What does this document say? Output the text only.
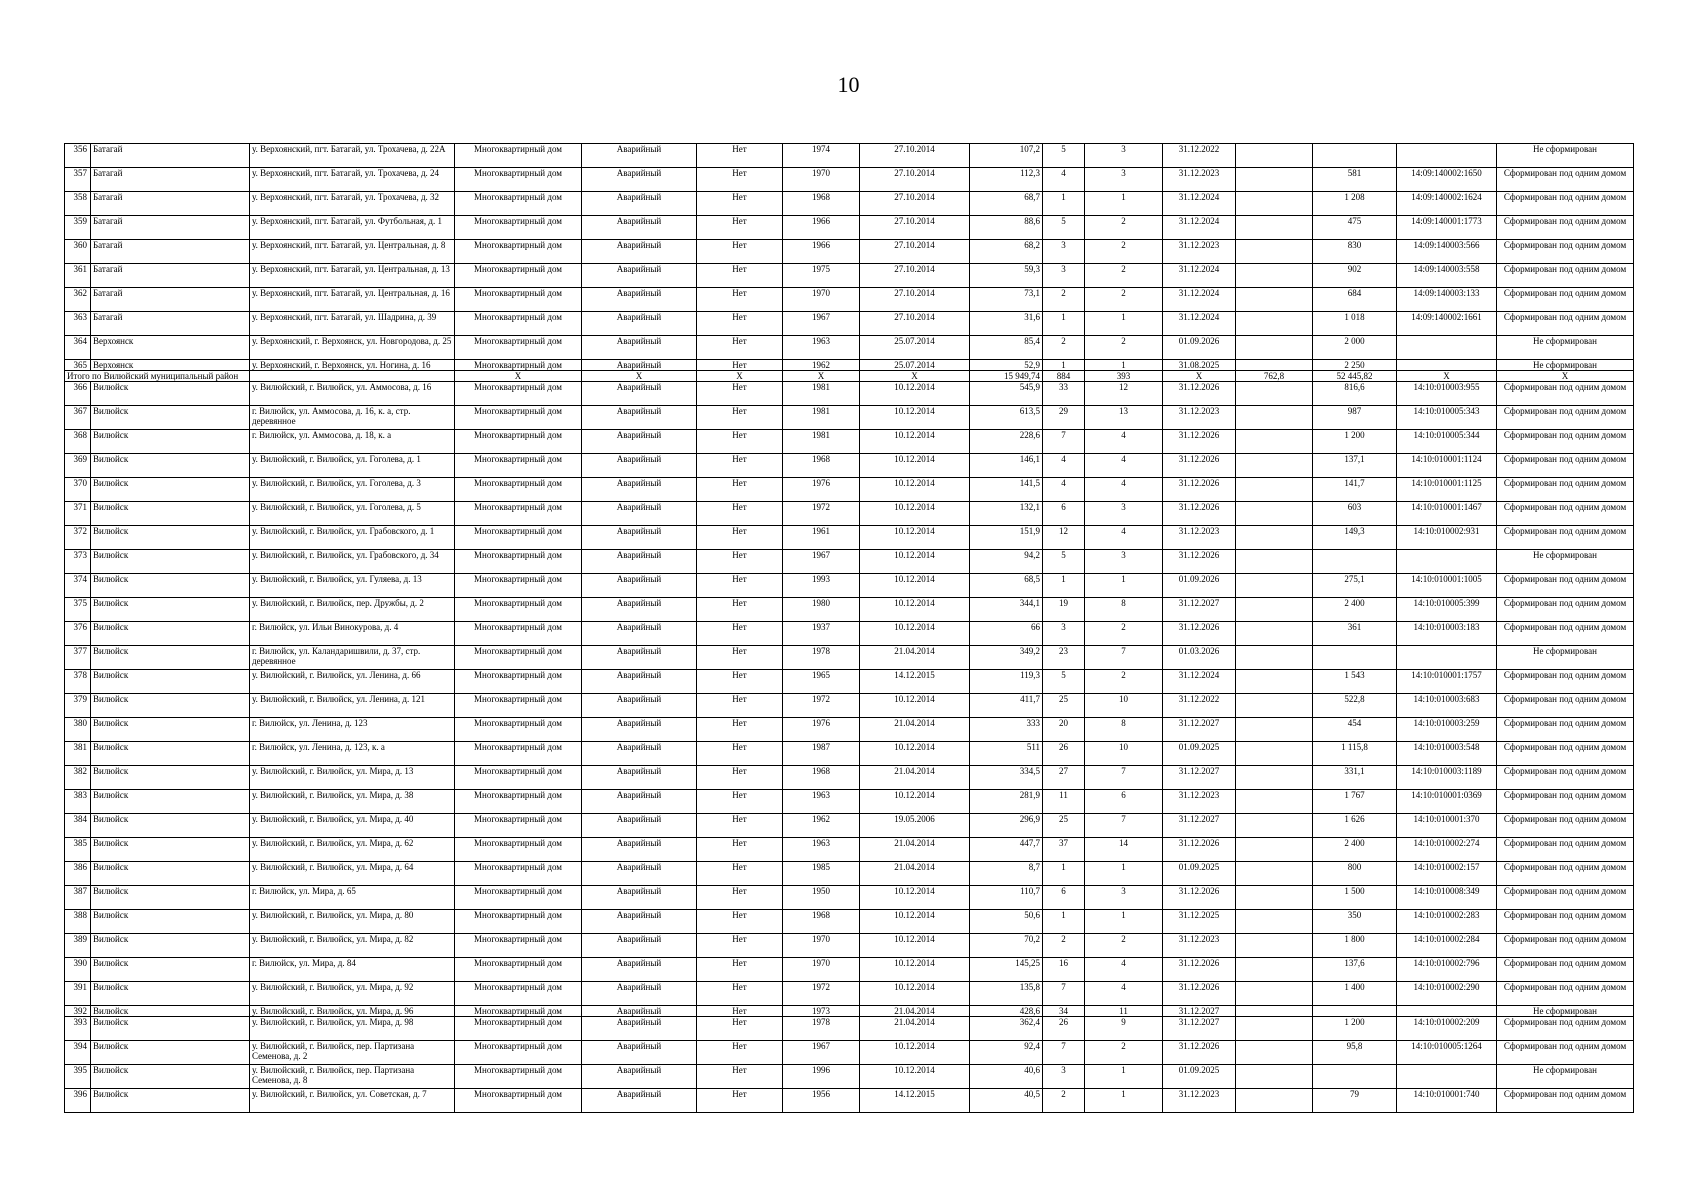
10
356	Батагай	у. Верхоянский, пгт. Батагай, ул. Трохачева, д. 22А	Многоквартирный дом	Аварийный	Нет	1974	27.10.2014	107,2	5	3	31.12.2022				Не сформирован
357	Батагай	у. Верхоянский, пгт. Батагай, ул. Трохачева, д. 24	Многоквартирный дом	Аварийный	Нет	1970	27.10.2014	112,3	4	3	31.12.2023		581	14:09:140002:1650	Сформирован под одним домом
358	Батагай	у. Верхоянский, пгт. Батагай, ул. Трохачева, д. 32	Многоквартирный дом	Аварийный	Нет	1968	27.10.2014	68,7	1	1	31.12.2024		1 208	14:09:140002:1624	Сформирован под одним домом
359	Батагай	у. Верхоянский, пгт. Батагай, ул. Футбольная, д. 1	Многоквартирный дом	Аварийный	Нет	1966	27.10.2014	88,6	5	2	31.12.2024		475	14:09:140001:1773	Сформирован под одним домом
360	Батагай	у. Верхоянский, пгт. Батагай, ул. Центральная, д. 8	Многоквартирный дом	Аварийный	Нет	1966	27.10.2014	68,2	3	2	31.12.2023		830	14:09:140003:566	Сформирован под одним домом
361	Батагай	у. Верхоянский, пгт. Батагай, ул. Центральная, д. 13	Многоквартирный дом	Аварийный	Нет	1975	27.10.2014	59,3	3	2	31.12.2024		902	14:09:140003:558	Сформирован под одним домом
362	Батагай	у. Верхоянский, пгт. Батагай, ул. Центральная, д. 16	Многоквартирный дом	Аварийный	Нет	1970	27.10.2014	73,1	2	2	31.12.2024		684	14:09:140003:133	Сформирован под одним домом
363	Батагай	у. Верхоянский, пгт. Батагай, ул. Шадрина, д. 39	Многоквартирный дом	Аварийный	Нет	1967	27.10.2014	31,6	1	1	31.12.2024		1 018	14:09:140002:1661	Сформирован под одним домом
364	Верхоянск	у. Верхоянский, г. Верхоянск, ул. Новгородова, д. 25	Многоквартирный дом	Аварийный	Нет	1963	25.07.2014	85,4	2	2	01.09.2026		2 000		Не сформирован
365	Верхоянск	у. Верхоянский, г. Верхоянск, ул. Ногина, д. 16	Многоквартирный дом	Аварийный	Нет	1962	25.07.2014	52,9	1	1	31.08.2025		2 250		Не сформирован
Итого по Вилюйский муниципальный район			X	X	X	X	X	15 949,74	884	393	X	762,8	52 445,82	X	X
366	Вилюйск	у. Вилюйский, г. Вилюйск, ул. Аммосова, д. 16	Многоквартирный дом	Аварийный	Нет	1981	10.12.2014	545,9	33	12	31.12.2026		816,6	14:10:010003:955	Сформирован под одним домом
367	Вилюйск	г. Вилюйск, ул. Аммосова, д. 16, к. а, стр. деревянное	Многоквартирный дом	Аварийный	Нет	1981	10.12.2014	613,5	29	13	31.12.2023		987	14:10:010005:343	Сформирован под одним домом
368	Вилюйск	г. Вилюйск, ул. Аммосова, д. 18, к. а	Многоквартирный дом	Аварийный	Нет	1981	10.12.2014	228,6	7	4	31.12.2026		1 200	14:10:010005:344	Сформирован под одним домом
369	Вилюйск	у. Вилюйский, г. Вилюйск, ул. Гоголева, д. 1	Многоквартирный дом	Аварийный	Нет	1968	10.12.2014	146,1	4	4	31.12.2026		137,1	14:10:010001:1124	Сформирован под одним домом
370	Вилюйск	у. Вилюйский, г. Вилюйск, ул. Гоголева, д. 3	Многоквартирный дом	Аварийный	Нет	1976	10.12.2014	141,5	4	4	31.12.2026		141,7	14:10:010001:1125	Сформирован под одним домом
371	Вилюйск	у. Вилюйский, г. Вилюйск, ул. Гоголева, д. 5	Многоквартирный дом	Аварийный	Нет	1972	10.12.2014	132,1	6	3	31.12.2026		603	14:10:010001:1467	Сформирован под одним домом
372	Вилюйск	у. Вилюйский, г. Вилюйск, ул. Грабовского, д. 1	Многоквартирный дом	Аварийный	Нет	1961	10.12.2014	151,9	12	4	31.12.2023		149,3	14:10:010002:931	Сформирован под одним домом
373	Вилюйск	у. Вилюйский, г. Вилюйск, ул. Грабовского, д. 34	Многоквартирный дом	Аварийный	Нет	1967	10.12.2014	94,2	5	3	31.12.2026				Не сформирован
374	Вилюйск	у. Вилюйский, г. Вилюйск, ул. Гуляева, д. 13	Многоквартирный дом	Аварийный	Нет	1993	10.12.2014	68,5	1	1	01.09.2026		275,1	14:10:010001:1005	Сформирован под одним домом
375	Вилюйск	у. Вилюйский, г. Вилюйск, пер. Дружбы, д. 2	Многоквартирный дом	Аварийный	Нет	1980	10.12.2014	344,1	19	8	31.12.2027		2 400	14:10:010005:399	Сформирован под одним домом
376	Вилюйск	г. Вилюйск, ул. Ильи Винокурова, д. 4	Многоквартирный дом	Аварийный	Нет	1937	10.12.2014	66	3	2	31.12.2026		361	14:10:010003:183	Сформирован под одним домом
377	Вилюйск	г. Вилюйск, ул. Каландаришвили, д. 37, стр. деревянное	Многоквартирный дом	Аварийный	Нет	1978	21.04.2014	349,2	23	7	01.03.2026				Не сформирован
378	Вилюйск	у. Вилюйский, г. Вилюйск, ул. Ленина, д. 66	Многоквартирный дом	Аварийный	Нет	1965	14.12.2015	119,3	5	2	31.12.2024		1 543	14:10:010001:1757	Сформирован под одним домом
379	Вилюйск	у. Вилюйский, г. Вилюйск, ул. Ленина, д. 121	Многоквартирный дом	Аварийный	Нет	1972	10.12.2014	411,7	25	10	31.12.2022		522,8	14:10:010003:683	Сформирован под одним домом
380	Вилюйск	г. Вилюйск, ул. Ленина, д. 123	Многоквартирный дом	Аварийный	Нет	1976	21.04.2014	333	20	8	31.12.2027		454	14:10:010003:259	Сформирован под одним домом
381	Вилюйск	г. Вилюйск, ул. Ленина, д. 123, к. а	Многоквартирный дом	Аварийный	Нет	1987	10.12.2014	511	26	10	01.09.2025		1 115,8	14:10:010003:548	Сформирован под одним домом
382	Вилюйск	у. Вилюйский, г. Вилюйск, ул. Мира, д. 13	Многоквартирный дом	Аварийный	Нет	1968	21.04.2014	334,5	27	7	31.12.2027		331,1	14:10:010003:1189	Сформирован под одним домом
383	Вилюйск	у. Вилюйский, г. Вилюйск, ул. Мира, д. 38	Многоквартирный дом	Аварийный	Нет	1963	10.12.2014	281,9	11	6	31.12.2023		1 767	14:10:010001:0369	Сформирован под одним домом
384	Вилюйск	у. Вилюйский, г. Вилюйск, ул. Мира, д. 40	Многоквартирный дом	Аварийный	Нет	1962	19.05.2006	296,9	25	7	31.12.2027		1 626	14:10:010001:370	Сформирован под одним домом
385	Вилюйск	у. Вилюйский, г. Вилюйск, ул. Мира, д. 62	Многоквартирный дом	Аварийный	Нет	1963	21.04.2014	447,7	37	14	31.12.2026		2 400	14:10:010002:274	Сформирован под одним домом
386	Вилюйск	у. Вилюйский, г. Вилюйск, ул. Мира, д. 64	Многоквартирный дом	Аварийный	Нет	1985	21.04.2014	8,7	1	1	01.09.2025		800	14:10:010002:157	Сформирован под одним домом
387	Вилюйск	г. Вилюйск, ул. Мира, д. 65	Многоквартирный дом	Аварийный	Нет	1950	10.12.2014	110,7	6	3	31.12.2026		1 500	14:10:010008:349	Сформирован под одним домом
388	Вилюйск	у. Вилюйский, г. Вилюйск, ул. Мира, д. 80	Многоквартирный дом	Аварийный	Нет	1968	10.12.2014	50,6	1	1	31.12.2025		350	14:10:010002:283	Сформирован под одним домом
389	Вилюйск	у. Вилюйский, г. Вилюйск, ул. Мира, д. 82	Многоквартирный дом	Аварийный	Нет	1970	10.12.2014	70,2	2	2	31.12.2023		1 800	14:10:010002:284	Сформирован под одним домом
390	Вилюйск	г. Вилюйск, ул. Мира, д. 84	Многоквартирный дом	Аварийный	Нет	1970	10.12.2014	145,25	16	4	31.12.2026		137,6	14:10:010002:796	Сформирован под одним домом
391	Вилюйск	у. Вилюйский, г. Вилюйск, ул. Мира, д. 92	Многоквартирный дом	Аварийный	Нет	1972	10.12.2014	135,8	7	4	31.12.2026		1 400	14:10:010002:290	Сформирован под одним домом
392	Вилюйск	у. Вилюйский, г. Вилюйск, ул. Мира, д. 96	Многоквартирный дом	Аварийный	Нет	1973	21.04.2014	428,6	34	11	31.12.2027				Не сформирован
393	Вилюйск	у. Вилюйский, г. Вилюйск, ул. Мира, д. 98	Многоквартирный дом	Аварийный	Нет	1978	21.04.2014	362,4	26	9	31.12.2027		1 200	14:10:010002:209	Сформирован под одним домом
394	Вилюйск	у. Вилюйский, г. Вилюйск, пер. Партизана Семенова, д. 2	Многоквартирный дом	Аварийный	Нет	1967	10.12.2014	92,4	7	2	31.12.2026		95,8	14:10:010005:1264	Сформирован под одним домом
395	Вилюйск	у. Вилюйский, г. Вилюйск, пер. Партизана Семенова, д. 8	Многоквартирный дом	Аварийный	Нет	1996	10.12.2014	40,6	3	1	01.09.2025				Не сформирован
396	Вилюйск	у. Вилюйский, г. Вилюйск, ул. Советская, д. 7	Многоквартирный дом	Аварийный	Нет	1956	14.12.2015	40,5	2	1	31.12.2023		79	14:10:010001:740	Сформирован под одним домом
